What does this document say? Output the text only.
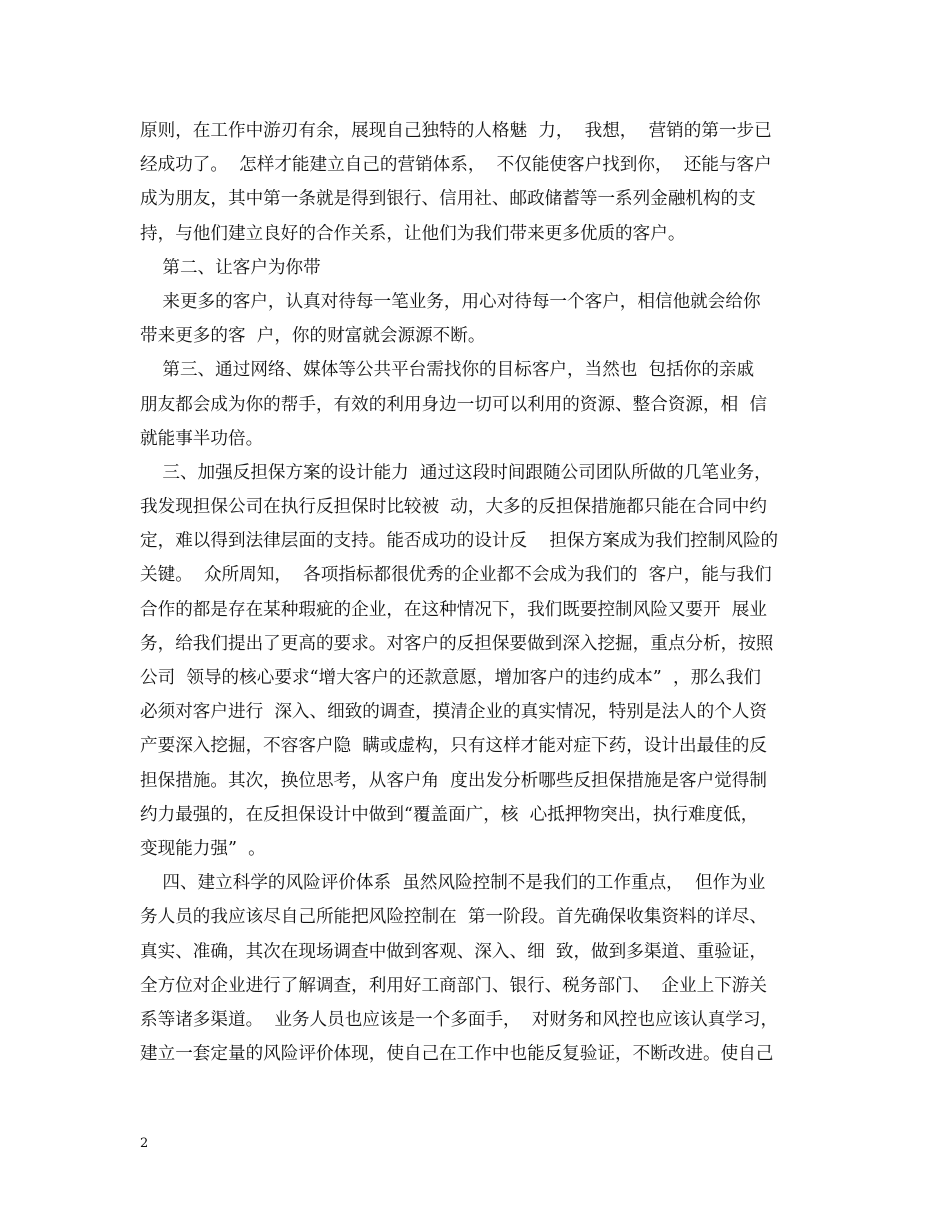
原则，在工作中游刃有余，展现自己独特的人格魅  力，  我想，  营销的第一步已
经成功了。  怎样才能建立自己的营销体系，  不仅能使客户找到你，  还能与客户
成为朋友，其中第一条就是得到银行、信用社、邮政储蓄等一系列金融机构的支
持，与他们建立良好的合作关系，让他们为我们带来更多优质的客户。
第二、让客户为你带
来更多的客户，认真对待每一笔业务，用心对待每一个客户，相信他就会给你
带来更多的客  户，你的财富就会源源不断。
第三、通过网络、媒体等公共平台需找你的目标客户，当然也  包括你的亲戚
朋友都会成为你的帮手，有效的利用身边一切可以利用的资源、整合资源，相  信
就能事半功倍。
三、加强反担保方案的设计能力  通过这段时间跟随公司团队所做的几笔业务，
我发现担保公司在执行反担保时比较被  动，大多的反担保措施都只能在合同中约
定，难以得到法律层面的支持。能否成功的设计反    担保方案成为我们控制风险的
关键。  众所周知，  各项指标都很优秀的企业都不会成为我们的  客户，能与我们
合作的都是存在某种瑕疵的企业，在这种情况下，我们既要控制风险又要开  展业
务，给我们提出了更高的要求。对客户的反担保要做到深入挖掘，重点分析，按照
公司  领导的核心要求“增大客户的还款意愿，增加客户的违约成本”  ，那么我们
必须对客户进行  深入、细致的调查，摸清企业的真实情况，特别是法人的个人资
产要深入挖掘，不容客户隐  瞒或虚构，只有这样才能对症下药，设计出最佳的反
担保措施。其次，换位思考，从客户角  度出发分析哪些反担保措施是客户觉得制
约力最强的，在反担保设计中做到“覆盖面广，核  心抵押物突出，执行难度低，
变现能力强”  。
四、建立科学的风险评价体系  虽然风险控制不是我们的工作重点，  但作为业
务人员的我应该尽自己所能把风险控制在  第一阶段。首先确保收集资料的详尽、
真实、准确，其次在现场调查中做到客观、深入、细  致，做到多渠道、重验证，
全方位对企业进行了解调查，利用好工商部门、银行、税务部门、  企业上下游关
系等诸多渠道。  业务人员也应该是一个多面手，  对财务和风控也应该认真学习，
建立一套定量的风险评价体现，使自己在工作中也能反复验证，不断改进。使自己
2
